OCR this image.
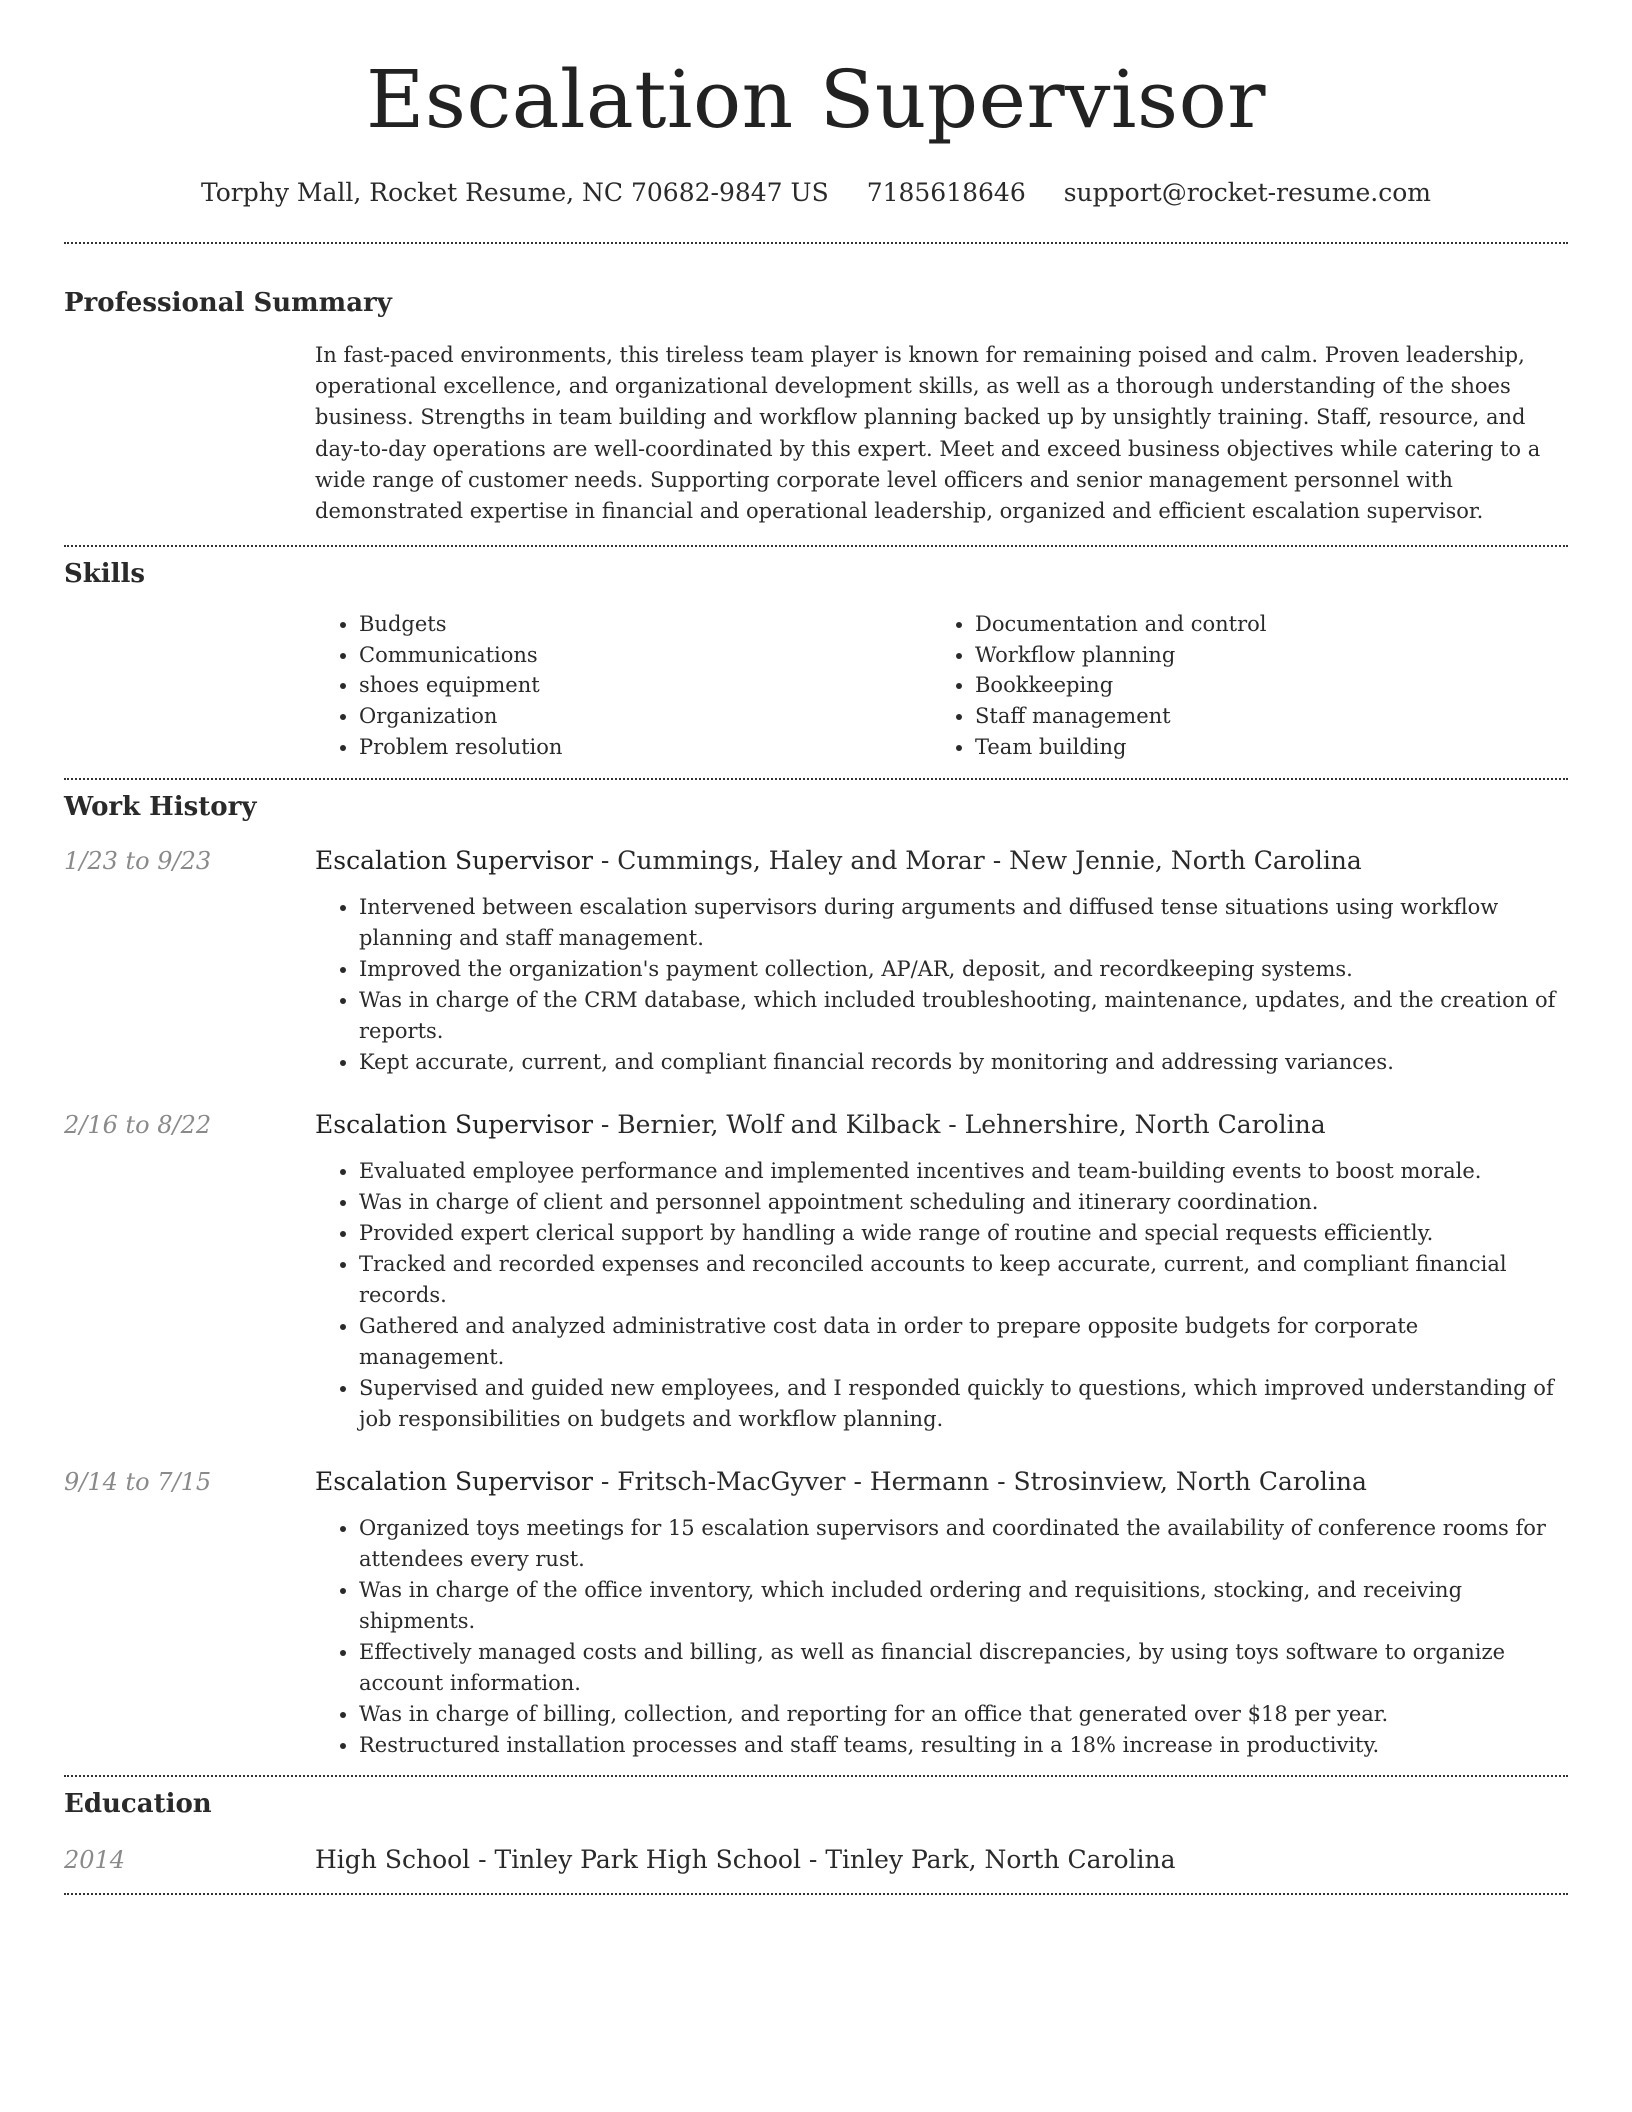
Escalation Supervisor
Torphy Mall, Rocket Resume, NC 70682-9847 US 7185618646 support@rocket-resume.com
Professional Summary

In fast-paced environments, this tireless team player is known for remaining poised and calm. Proven leadership, operational excellence, and organizational development skills, as well as a thorough understanding of the shoes business. Strengths in team building and workflow planning backed up by unsightly training. Staff, resource, and day-to-day operations are well-coordinated by this expert. Meet and exceed business objectives while catering to a wide range of customer needs. Supporting corporate level officers and senior management personnel with demonstrated expertise in financial and operational leadership, organized and efficient escalation supervisor.

Skills
• Budgets
• Communications
• shoes equipment
• Organization
• Problem resolution
• Documentation and control
• Workflow planning
• Bookkeeping
• Staff management
• Team building
Work History
1/23 to 9/23	Escalation Supervisor - Cummings, Haley and Morar - New Jennie, North Carolina
• Intervened between escalation supervisors during arguments and diffused tense situations using workflow planning and staff management.
• Improved the organization's payment collection, AP/AR, deposit, and recordkeeping systems.
• Was in charge of the CRM database, which included troubleshooting, maintenance, updates, and the creation of reports.
• Kept accurate, current, and compliant financial records by monitoring and addressing variances.
2/16 to 8/22	Escalation Supervisor - Bernier, Wolf and Kilback - Lehnershire, North Carolina
• Evaluated employee performance and implemented incentives and team-building events to boost morale.
• Was in charge of client and personnel appointment scheduling and itinerary coordination.
• Provided expert clerical support by handling a wide range of routine and special requests efficiently.
• Tracked and recorded expenses and reconciled accounts to keep accurate, current, and compliant financial records.
• Gathered and analyzed administrative cost data in order to prepare opposite budgets for corporate management.
• Supervised and guided new employees, and I responded quickly to questions, which improved understanding of job responsibilities on budgets and workflow planning.
9/14 to 7/15	Escalation Supervisor - Fritsch-MacGyver - Hermann - Strosinview, North Carolina
• Organized toys meetings for 15 escalation supervisors and coordinated the availability of conference rooms for attendees every rust.
• Was in charge of the office inventory, which included ordering and requisitions, stocking, and receiving shipments.
• Effectively managed costs and billing, as well as financial discrepancies, by using toys software to organize account information.
• Was in charge of billing, collection, and reporting for an office that generated over $18 per year.
• Restructured installation processes and staff teams, resulting in a 18% increase in productivity.
Education
2014	High School - Tinley Park High School - Tinley Park, North Carolina
